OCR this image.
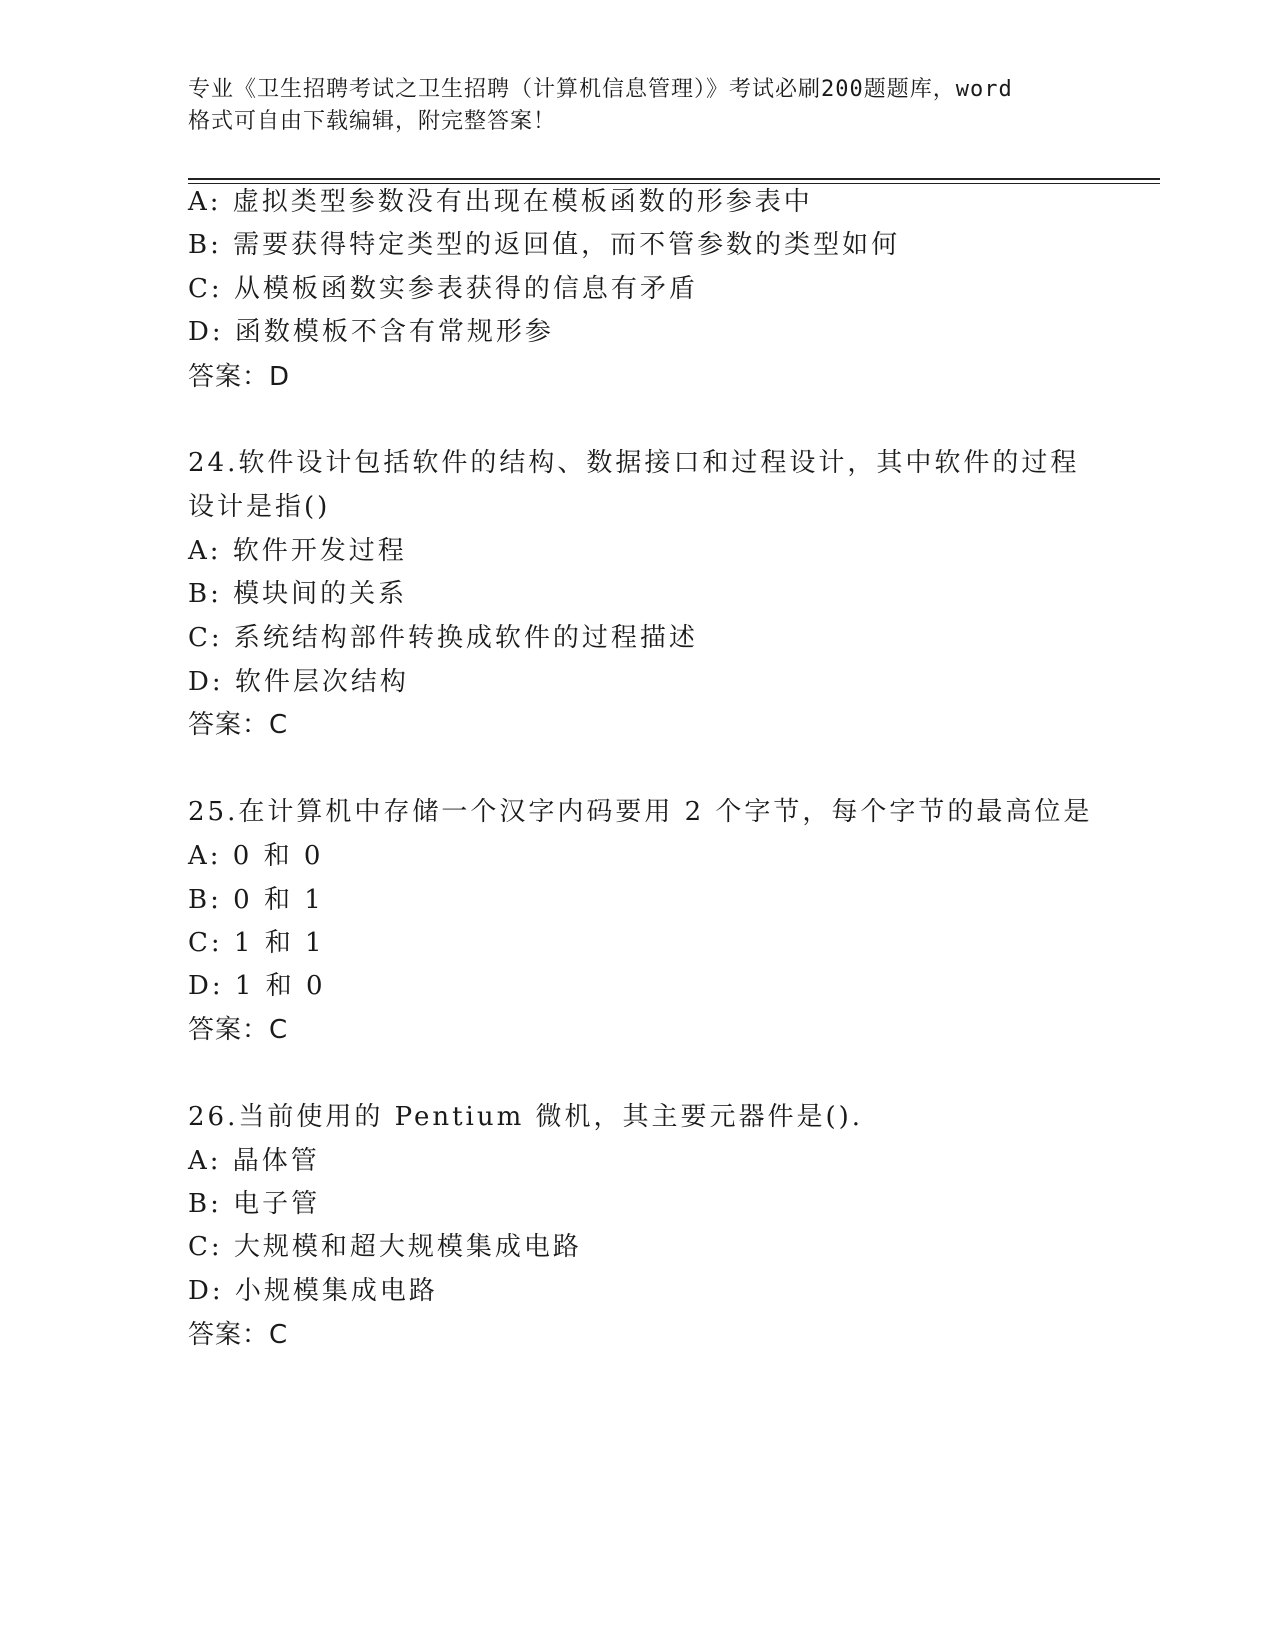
专业《卫生招聘考试之卫生招聘（计算机信息管理）》考试必刷200题题库，word
格式可自由下载编辑，附完整答案！
A: 虚拟类型参数没有出现在模板函数的形参表中
B: 需要获得特定类型的返回值，而不管参数的类型如何
C: 从模板函数实参表获得的信息有矛盾
D: 函数模板不含有常规形参
答案：D
24.软件设计包括软件的结构、数据接口和过程设计，其中软件的过程
设计是指()
A: 软件开发过程
B: 模块间的关系
C: 系统结构部件转换成软件的过程描述
D: 软件层次结构
答案：C
25.在计算机中存储一个汉字内码要用 2 个字节，每个字节的最高位是
A: 0 和 0
B: 0 和 1
C: 1 和 1
D: 1 和 0
答案：C
26.当前使用的 Pentium 微机，其主要元器件是().
A: 晶体管
B: 电子管
C: 大规模和超大规模集成电路
D: 小规模集成电路
答案：C
